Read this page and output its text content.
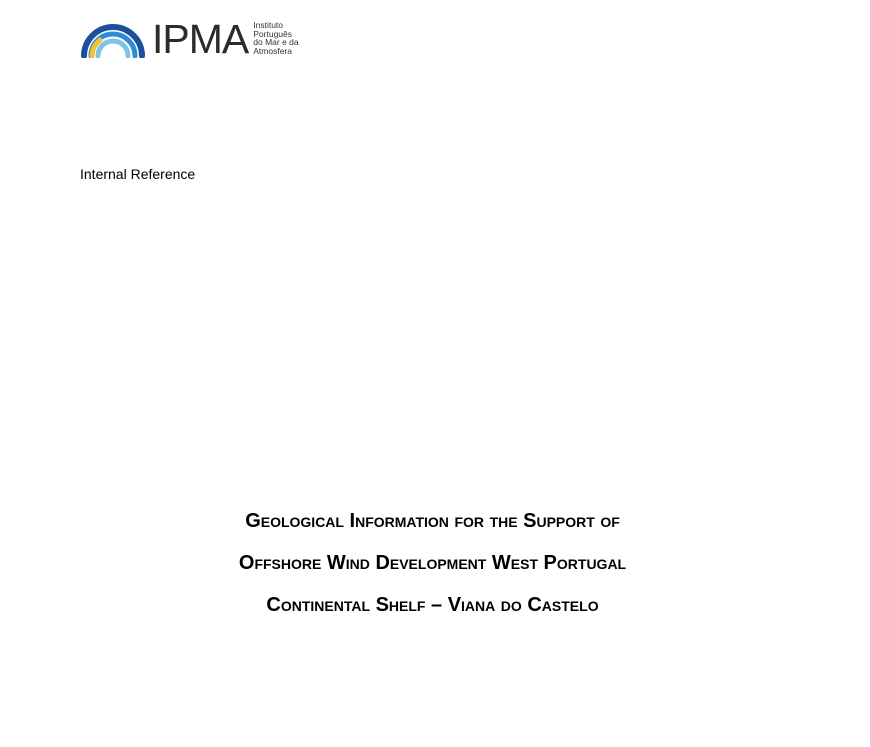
IPMA Instituto
Português
do Mar e da
Atmosfera
Internal Reference
Geological Information for the Support of
Offshore Wind Development West Portugal
Continental Shelf – Viana do Castelo
